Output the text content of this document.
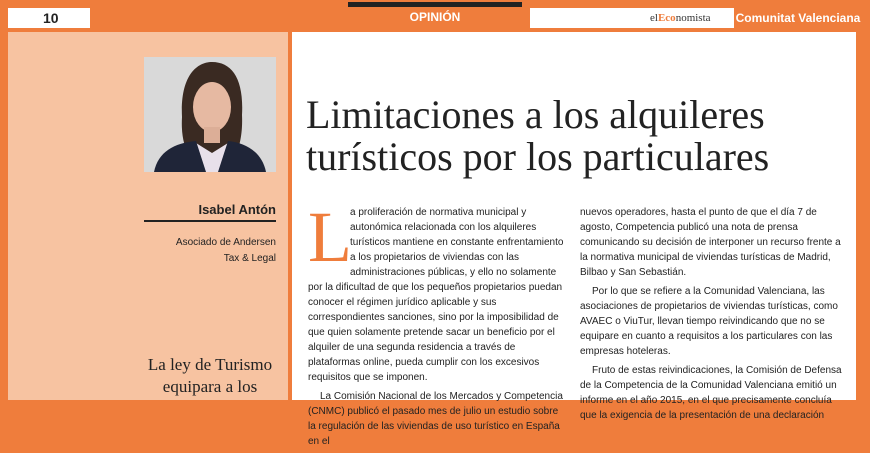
10	OPINIÓN	elEconomista Comunitat Valenciana
Isabel Antón
Asociado de Andersen
Tax & Legal
La ley de Turismo equipara a los
Limitaciones a los alquileres turísticos por los particulares
L

a proliferación de normativa municipal y autonómica relacionada con los alquileres turísticos mantiene en constante enfrentamiento a los propietarios de viviendas con las administraciones públicas, y ello no solamente por la dificultad de que los pequeños propietarios puedan conocer el régimen jurídico aplicable y sus correspondientes sanciones, sino por la imposibilidad de que quien solamente pretende sacar un beneficio por el alquiler de una segunda residencia a través de plataformas online, pueda cumplir con los excesivos requisitos que se imponen.

La Comisión Nacional de los Mercados y Competencia (CNMC) publicó el pasado mes de julio un estudio sobre la regulación de las viviendas de uso turístico en España en el

nuevos operadores, hasta el punto de que el día 7 de agosto, Competencia publicó una nota de prensa comunicando su decisión de interponer un recurso frente a la normativa municipal de viviendas turísticas de Madrid, Bilbao y San Sebastián.

Por lo que se refiere a la Comunidad Valenciana, las asociaciones de propietarios de viviendas turísticas, como AVAEC o ViuTur, llevan tiempo reivindicando que no se equipare en cuanto a requisitos a los particulares con las empresas hoteleras.

Fruto de estas reivindicaciones, la Comisión de Defensa de la Competencia de la Comunidad Valenciana emitió un informe en el año 2015, en el que precisamente concluía que la exigencia de la presentación de una declaración
